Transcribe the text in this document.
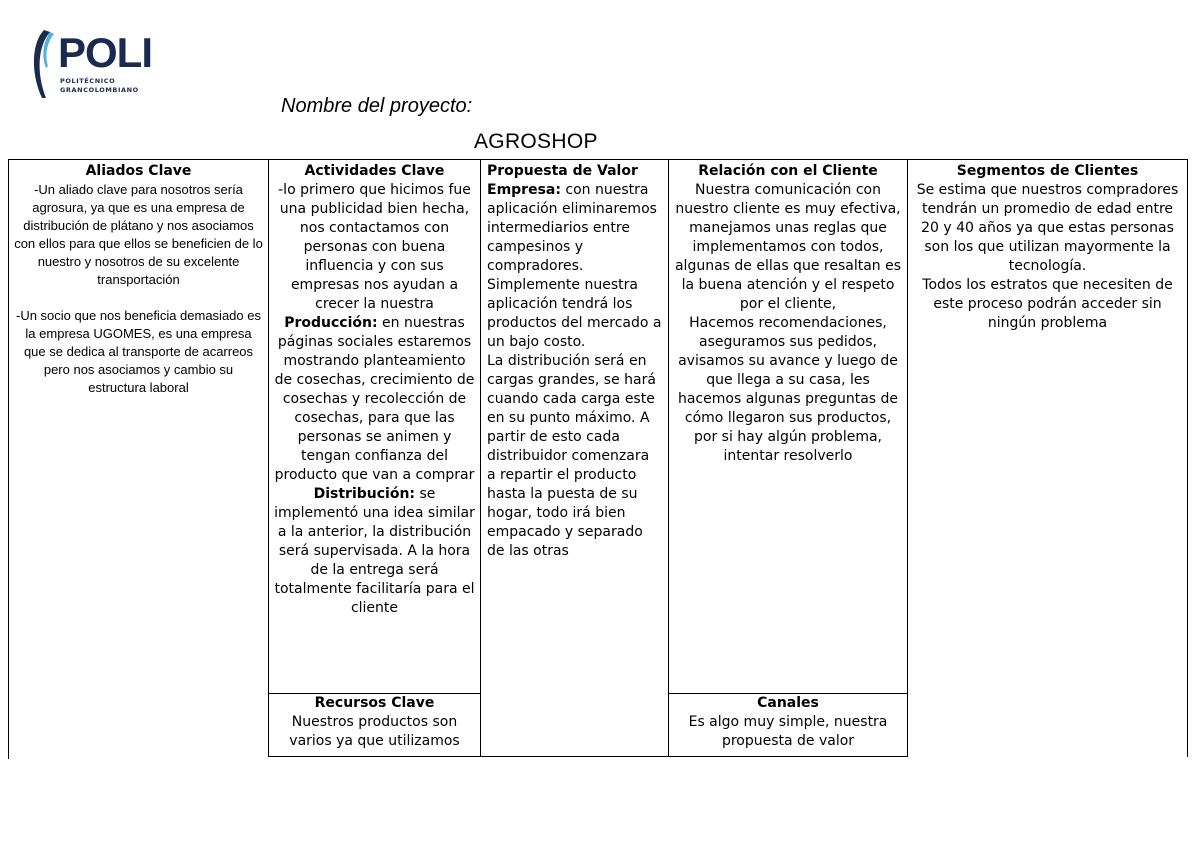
POLI
POLITÉCNICO
GRANCOLOMBIANO
Nombre del proyecto:
AGROSHOP
Aliados Clave
-Un aliado clave para nosotros sería agrosura, ya que es una empresa de distribución de plátano y nos asociamos con ellos para que ellos se beneficien de lo nuestro y nosotros de su excelente transportación
-Un socio que nos beneficia demasiado es la empresa UGOMES, es una empresa que se dedica al transporte de acarreos pero nos asociamos y cambio su estructura laboral
Actividades Clave
-lo primero que hicimos fue una publicidad bien hecha, nos contactamos con personas con buena influencia y con sus empresas nos ayudan a crecer la nuestra
Producción: en nuestras páginas sociales estaremos mostrando planteamiento de cosechas, crecimiento de cosechas y recolección de cosechas, para que las personas se animen y tengan confianza del producto que van a comprar
Distribución: se implementó una idea similar a la anterior, la distribución será supervisada. A la hora de la entrega será totalmente facilitaría para el cliente
Recursos Clave
Nuestros productos son varios ya que utilizamos
Propuesta de Valor
Empresa: con nuestra aplicación eliminaremos intermediarios entre campesinos y compradores.
Simplemente nuestra aplicación tendrá los productos del mercado a un bajo costo.
La distribución será en cargas grandes, se hará cuando cada carga este en su punto máximo. A partir de esto cada distribuidor comenzara a repartir el producto hasta la puesta de su hogar, todo irá bien empacado y separado de las otras
Relación con el Cliente
Nuestra comunicación con nuestro cliente es muy efectiva, manejamos unas reglas que implementamos con todos, algunas de ellas que resaltan es la buena atención y el respeto por el cliente,
Hacemos recomendaciones, aseguramos sus pedidos, avisamos su avance y luego de que llega a su casa, les hacemos algunas preguntas de cómo llegaron sus productos, por si hay algún problema, intentar resolverlo
Canales
Es algo muy simple, nuestra propuesta de valor
Segmentos de Clientes
Se estima que nuestros compradores tendrán un promedio de edad entre 20 y 40 años ya que estas personas son los que utilizan mayormente la tecnología.
Todos los estratos que necesiten de este proceso podrán acceder sin ningún problema
